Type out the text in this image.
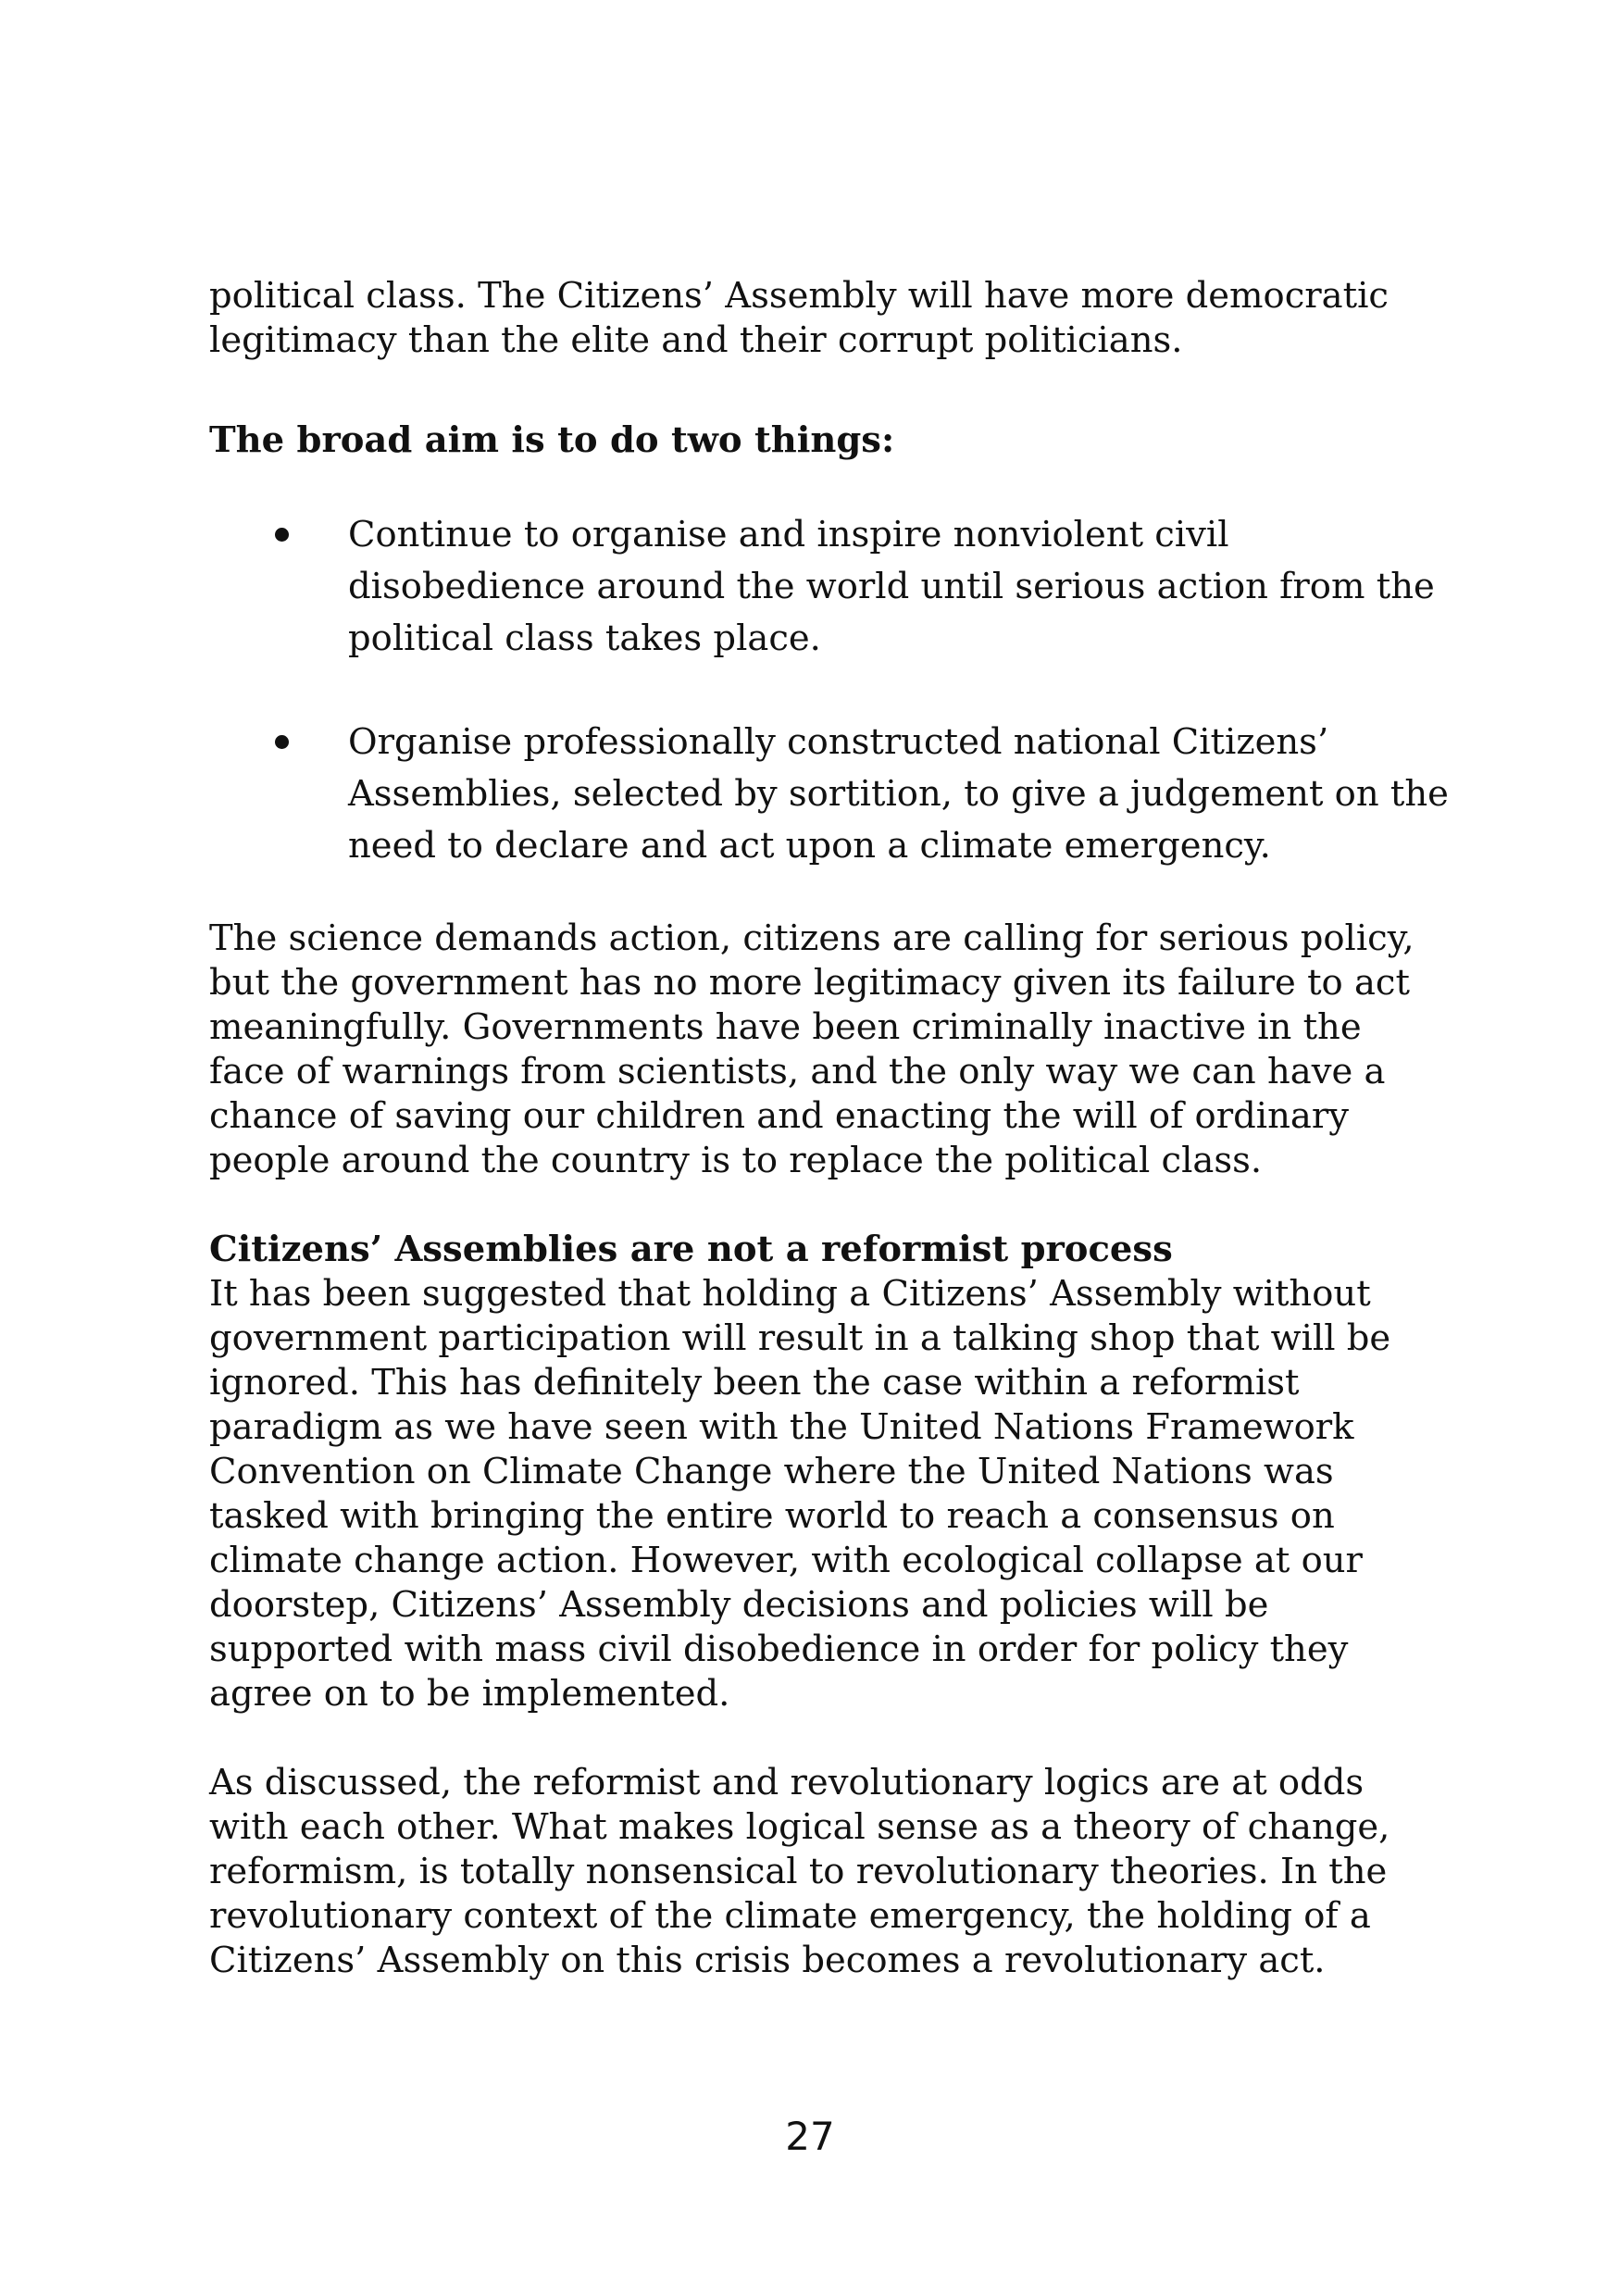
political class. The Citizens’ Assembly will have more democratic legitimacy than the elite and their corrupt politicians.

The broad aim is to do two things:

Continue to organise and inspire nonviolent civil disobedience around the world until serious action from the political class takes place.
Organise professionally constructed national Citizens’ Assemblies, selected by sortition, to give a judgement on the need to declare and act upon a climate emergency.

The science demands action, citizens are calling for serious policy, but the government has no more legitimacy given its failure to act meaningfully. Governments have been criminally inactive in the face of warnings from scientists, and the only way we can have a chance of saving our children and enacting the will of ordinary people around the country is to replace the political class.

Citizens’ Assemblies are not a reformist process

It has been suggested that holding a Citizens’ Assembly without government participation will result in a talking shop that will be ignored. This has definitely been the case within a reformist paradigm as we have seen with the United Nations Framework Convention on Climate Change where the United Nations was tasked with bringing the entire world to reach a consensus on climate change action. However, with ecological collapse at our doorstep, Citizens’ Assembly decisions and policies will be supported with mass civil disobedience in order for policy they agree on to be implemented.

As discussed, the reformist and revolutionary logics are at odds with each other. What makes logical sense as a theory of change, reformism, is totally nonsensical to revolutionary theories. In the revolutionary context of the climate emergency, the holding of a Citizens’ Assembly on this crisis becomes a revolutionary act.

27
